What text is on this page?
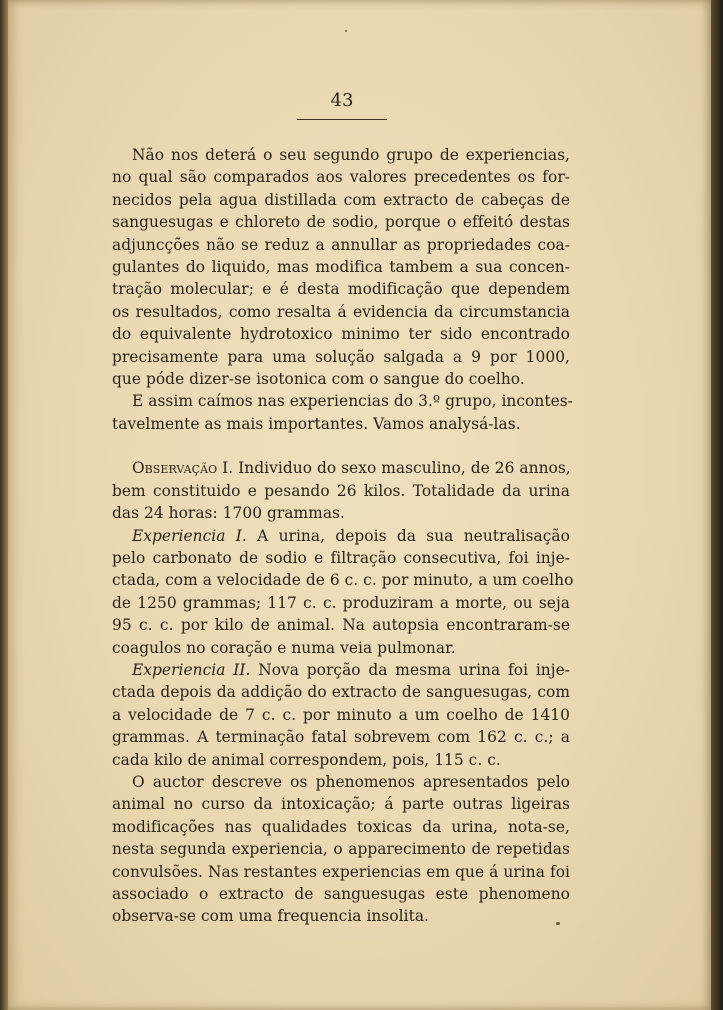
43
Não nos deterá o seu segundo grupo de experiencias,
no qual são comparados aos valores precedentes os for-
necidos pela agua distillada com extracto de cabeças de
sanguesugas e chloreto de sodio, porque o effeitó destas
adjuncções não se reduz a annullar as propriedades coa-
gulantes do liquido, mas modifica tambem a sua concen-
tração molecular; e é desta modificação que dependem
os resultados, como resalta á evidencia da circumstancia
do equivalente hydrotoxico minimo ter sido encontrado
precisamente para uma solução salgada a 9 por 1000,
que póde dizer-se isotonica com o sangue do coelho.
E assim caímos nas experiencias do 3.º grupo, incontes-
tavelmente as mais importantes. Vamos analysá-las.
Observação I. Individuo do sexo masculino, de 26 annos,
bem constituido e pesando 26 kilos. Totalidade da urina
das 24 horas: 1700 grammas.
Experiencia I. A urina, depois da sua neutralisação
pelo carbonato de sodio e filtração consecutiva, foi inje-
ctada, com a velocidade de 6 c. c. por minuto, a um coelho
de 1250 grammas; 117 c. c. produziram a morte, ou seja
95 c. c. por kilo de animal. Na autopsia encontraram-se
coagulos no coração e numa veia pulmonar.
Experiencia II. Nova porção da mesma urina foi inje-
ctada depois da addição do extracto de sanguesugas, com
a velocidade de 7 c. c. por minuto a um coelho de 1410
grammas. A terminação fatal sobrevem com 162 c. c.; a
cada kilo de animal correspondem, pois, 115 c. c.
O auctor descreve os phenomenos apresentados pelo
animal no curso da intoxicação; á parte outras ligeiras
modificações nas qualidades toxicas da urina, nota-se,
nesta segunda experiencia, o apparecimento de repetidas
convulsões. Nas restantes experiencias em que á urina foi
associado o extracto de sanguesugas este phenomeno
observa-se com uma frequencia insolita.
